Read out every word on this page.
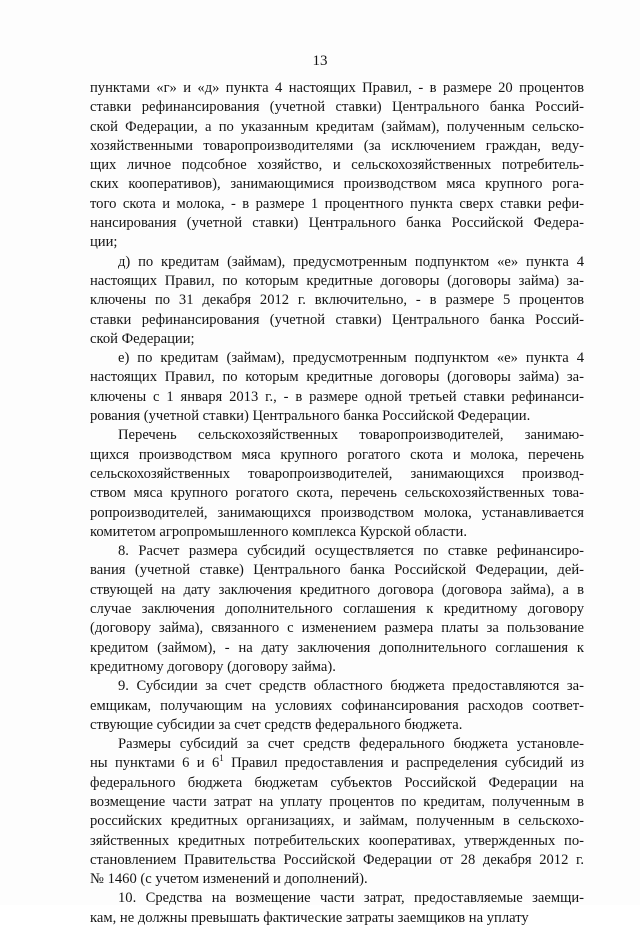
13

пунктами «г» и «д» пункта 4 настоящих Правил, - в размере 20 процентов
ставки рефинансирования (учетной ставки) Центрального банка Россий-
ской Федерации, а по указанным кредитам (займам), полученным сельско-
хозяйственными товаропроизводителями (за исключением граждан, веду-
щих личное подсобное хозяйство, и сельскохозяйственных потребитель-
ских кооперативов), занимающимися производством мяса крупного рога-
того скота и молока, - в размере 1 процентного пункта сверх ставки рефи-
нансирования (учетной ставки) Центрального банка Российской Федера-
ции;

д) по кредитам (займам), предусмотренным подпунктом «е» пункта 4
настоящих Правил, по которым кредитные договоры (договоры займа) за-
ключены по 31 декабря 2012 г. включительно, - в размере 5 процентов
ставки рефинансирования (учетной ставки) Центрального банка Россий-
ской Федерации;

е) по кредитам (займам), предусмотренным подпунктом «е» пункта 4
настоящих Правил, по которым кредитные договоры (договоры займа) за-
ключены с 1 января 2013 г., - в размере одной третьей ставки рефинанси-
рования (учетной ставки) Центрального банка Российской Федерации.

Перечень сельскохозяйственных товаропроизводителей, занимаю-
щихся производством мяса крупного рогатого скота и молока, перечень
сельскохозяйственных товаропроизводителей, занимающихся производ-
ством мяса крупного рогатого скота, перечень сельскохозяйственных това-
ропроизводителей, занимающихся производством молока, устанавливается
комитетом агропромышленного комплекса Курской области.

8. Расчет размера субсидий осуществляется по ставке рефинансиро-
вания (учетной ставке) Центрального банка Российской Федерации, дей-
ствующей на дату заключения кредитного договора (договора займа), а в
случае заключения дополнительного соглашения к кредитному договору
(договору займа), связанного с изменением размера платы за пользование
кредитом (займом), - на дату заключения дополнительного соглашения к
кредитному договору (договору займа).

9. Субсидии за счет средств областного бюджета предоставляются за-
емщикам, получающим на условиях софинансирования расходов соответ-
ствующие субсидии за счет средств федерального бюджета.

Размеры субсидий за счет средств федерального бюджета установле-
ны пунктами 6 и $6^1$ Правил предоставления и распределения субсидий из
федерального бюджета бюджетам субъектов Российской Федерации на
возмещение части затрат на уплату процентов по кредитам, полученным в
российских кредитных организациях, и займам, полученным в сельскохо-
зяйственных кредитных потребительских кооперативах, утвержденных по-
становлением Правительства Российской Федерации от 28 декабря 2012 г.
№ 1460 (с учетом изменений и дополнений).

10. Средства на возмещение части затрат, предоставляемые заемщи-
кам, не должны превышать фактические затраты заемщиков на уплату
